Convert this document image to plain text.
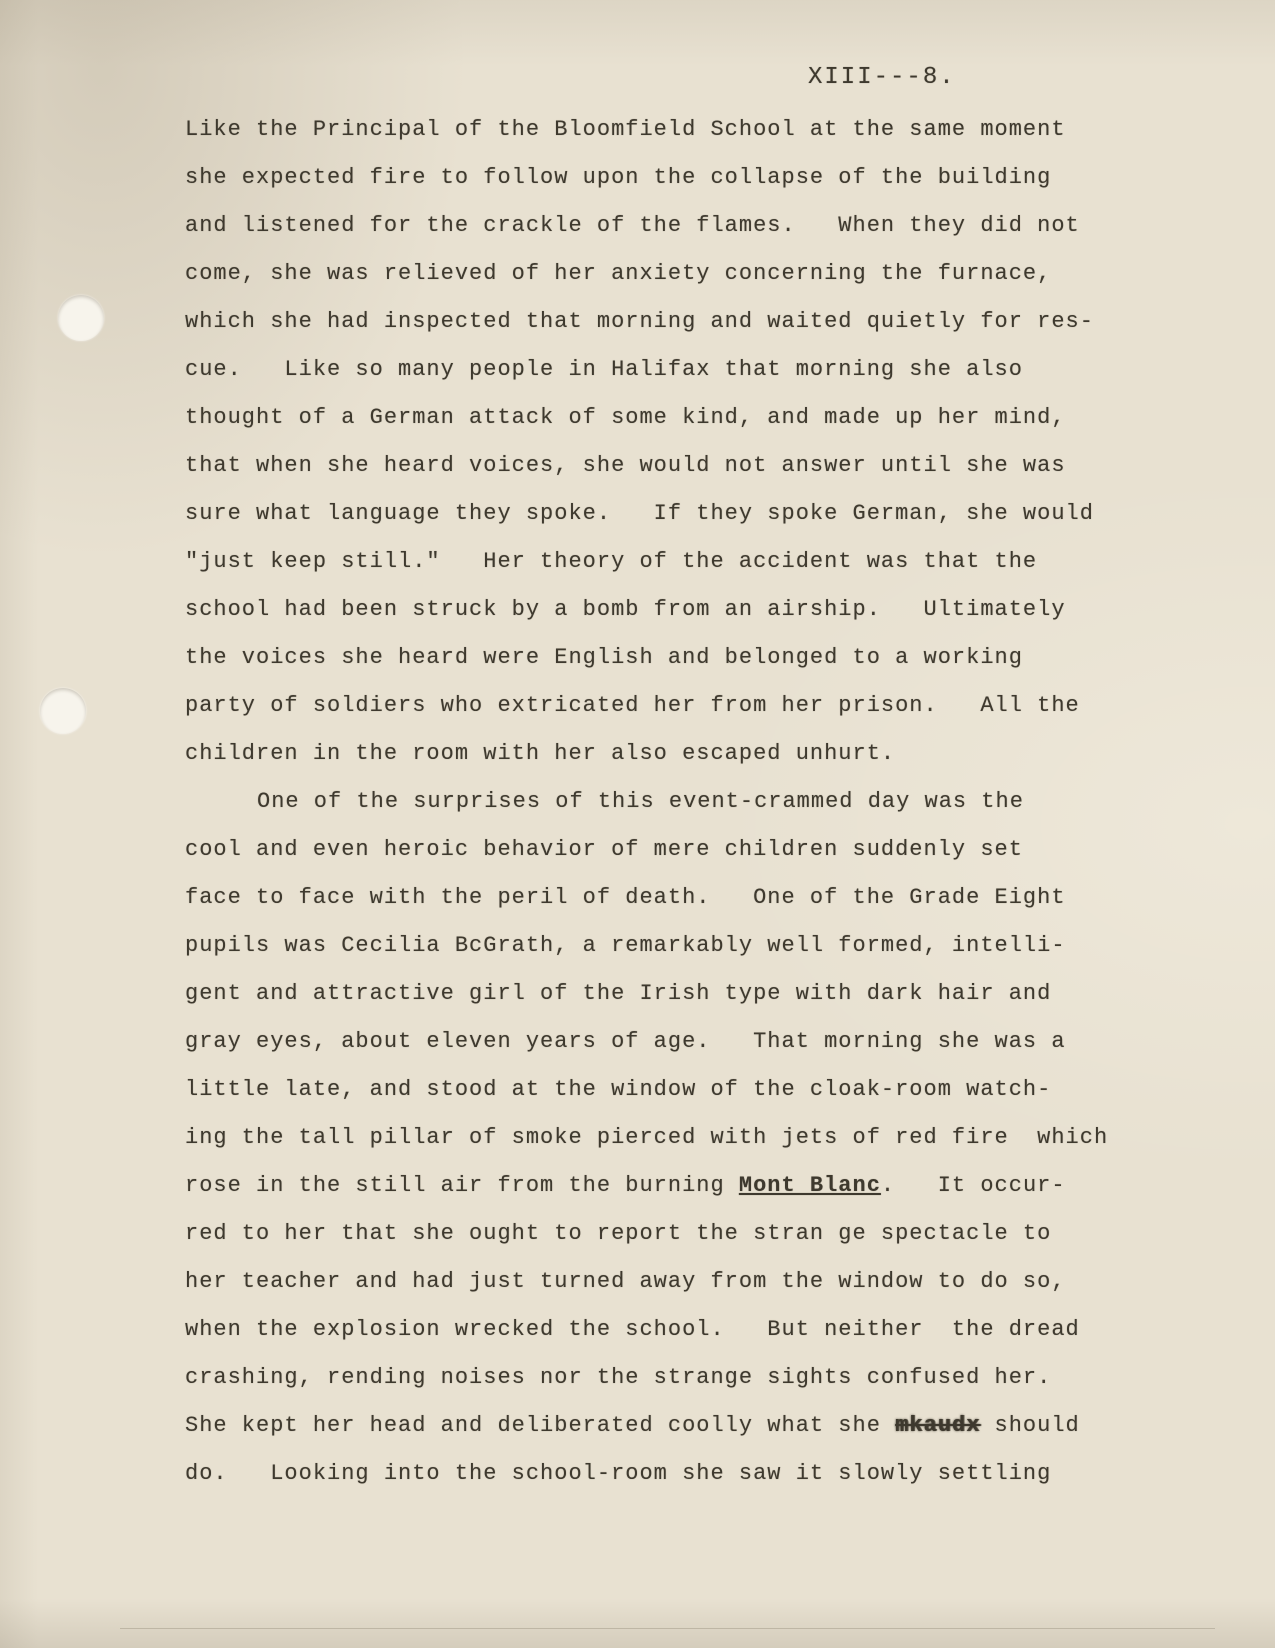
XIII---8.
Like the Principal of the Bloomfield School at the same moment
she expected fire to follow upon the collapse of the building
and listened for the crackle of the flames.   When they did not
come, she was relieved of her anxiety concerning the furnace,
which she had inspected that morning and waited quietly for res-
cue.   Like so many people in Halifax that morning she also
thought of a German attack of some kind, and made up her mind,
that when she heard voices, she would not answer until she was
sure what language they spoke.   If they spoke German, she would
"just keep still."   Her theory of the accident was that the
school had been struck by a bomb from an airship.   Ultimately
the voices she heard were English and belonged to a working
party of soldiers who extricated her from her prison.   All the
children in the room with her also escaped unhurt.
One of the surprises of this event-crammed day was the
cool and even heroic behavior of mere children suddenly set
face to face with the peril of death.   One of the Grade Eight
pupils was Cecilia BcGrath, a remarkably well formed, intelli-
gent and attractive girl of the Irish type with dark hair and
gray eyes, about eleven years of age.   That morning she was a
little late, and stood at the window of the cloak-room watch-
ing the tall pillar of smoke pierced with jets of red fire  which
rose in the still air from the burning Mont Blanc.   It occur-
red to her that she ought to report the stran ge spectacle to
her teacher and had just turned away from the window to do so,
when the explosion wrecked the school.   But neither  the dread
crashing, rending noises nor the strange sights confused her.
She kept her head and deliberated coolly what she mkaudx should
do.   Looking into the school-room she saw it slowly settling
